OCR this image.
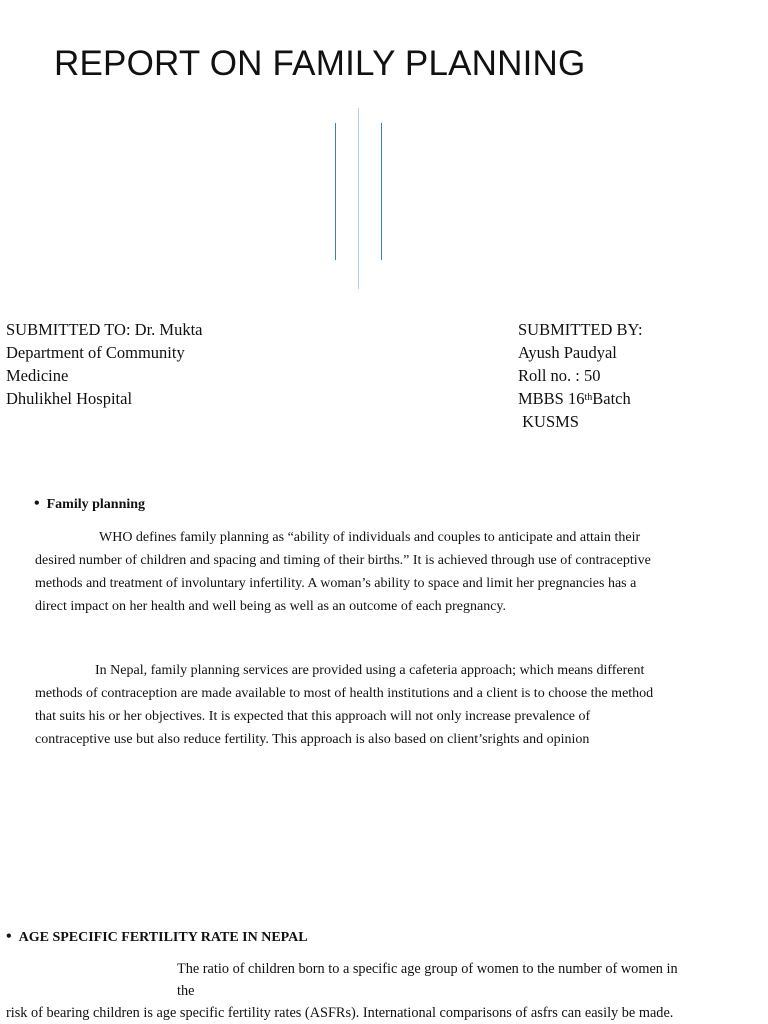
REPORT ON FAMILY PLANNING
SUBMITTED TO: Dr. Mukta
Department of Community
Medicine
Dhulikhel Hospital
SUBMITTED BY:
Ayush Paudyal
Roll no. : 50
MBBS 16thBatch
KUSMS
• Family planning
WHO defines family planning as “ability of individuals and couples to anticipate and attain their
desired number of children and spacing and timing of their births.” It is achieved through use of contraceptive
methods and treatment of involuntary infertility. A woman’s ability to space and limit her pregnancies has a
direct impact on her health and well being as well as an outcome of each pregnancy.
In Nepal, family planning services are provided using a cafeteria approach; which means different
methods of contraception are made available to most of health institutions and a client is to choose the method
that suits his or her objectives. It is expected that this approach will not only increase prevalence of
contraceptive use but also reduce fertility. This approach is also based on client’srights and opinion
• AGE SPECIFIC FERTILITY RATE IN NEPAL
The ratio of children born to a specific age group of women to the number of women in
the
risk of bearing children is age specific fertility rates (ASFRs). International comparisons of asfrs can easily be made.
